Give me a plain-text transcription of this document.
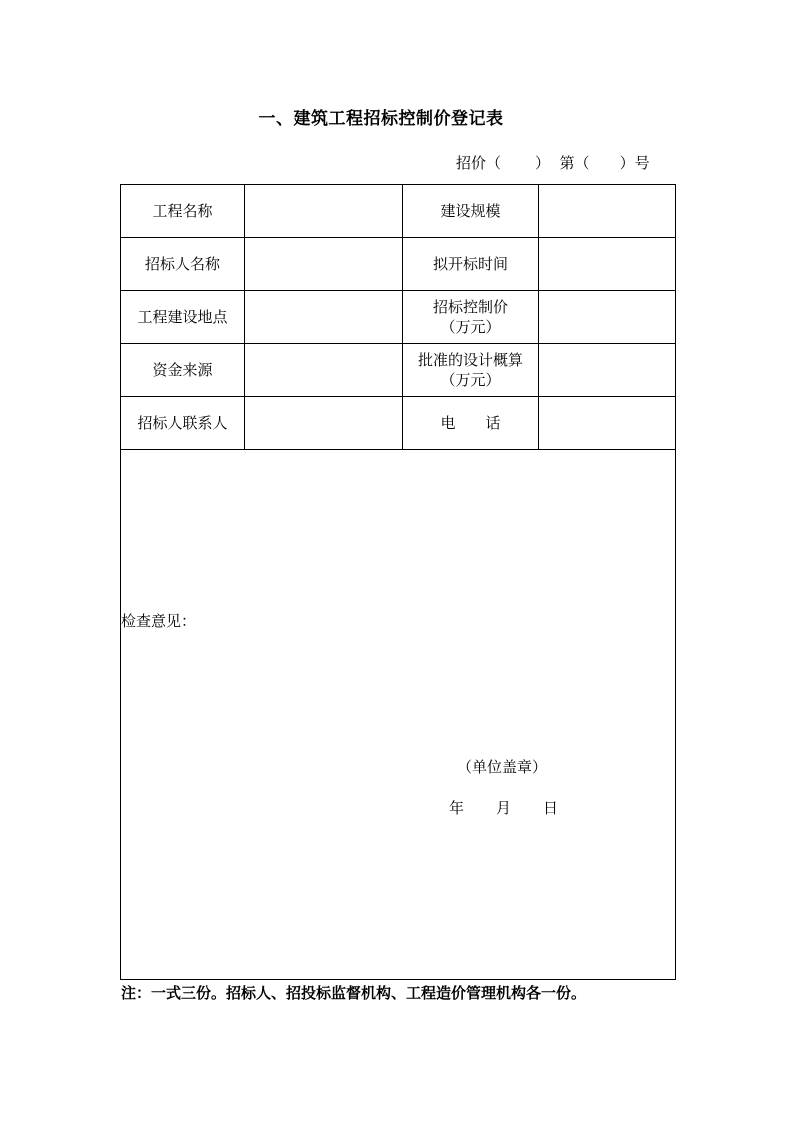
一、建筑工程招标控制价登记表
招价（ ）  第（ ）号
工程名称		建设规模	
招标人名称		拟开标时间	
工程建设地点		招标控制价
（万元）	

资金来源		批准的设计概算
（万元）	

招标人联系人		电 话	

检查意见：
（单位盖章）
年 月 日			
注：一式三份。招标人、招投标监督机构、工程造价管理机构各一份。
